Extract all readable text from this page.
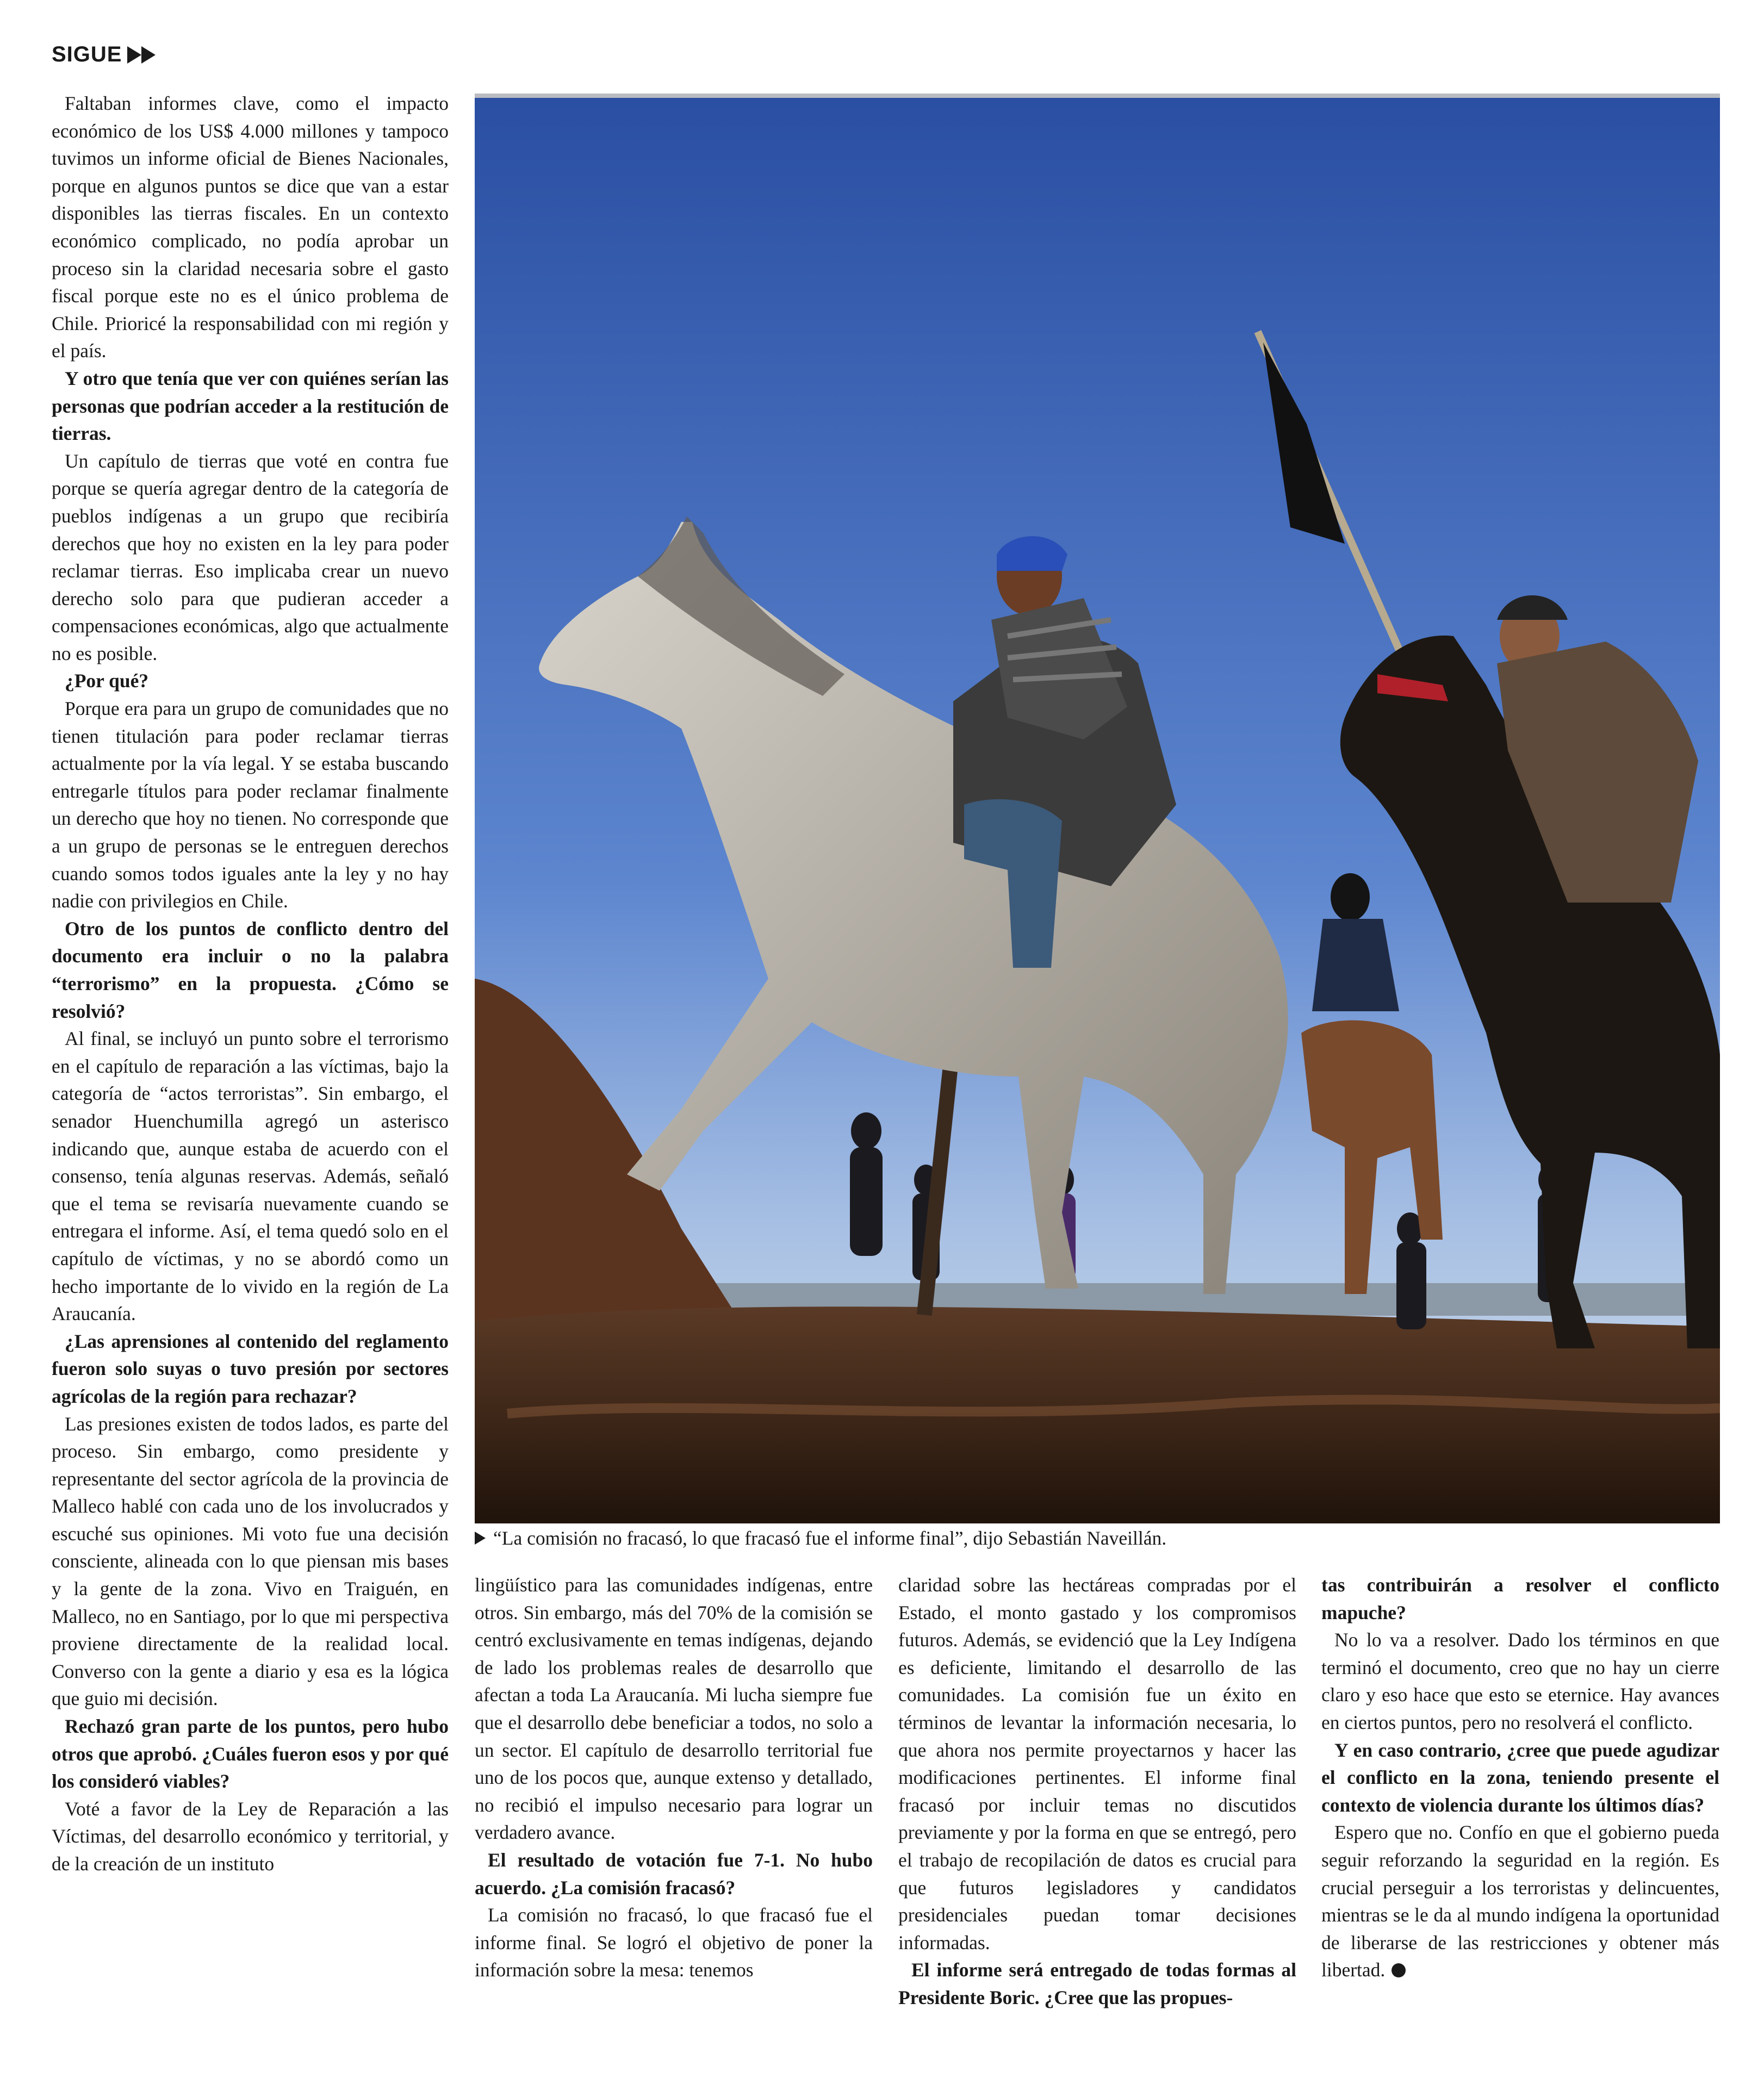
SIGUE

Faltaban informes clave, como el impacto económico de los US$ 4.000 millones y tampoco tuvimos un informe oficial de Bienes Nacionales, porque en algunos puntos se dice que van a estar disponibles las tierras fiscales. En un contexto económico complicado, no podía aprobar un proceso sin la claridad necesaria sobre el gasto fiscal porque este no es el único problema de Chile. Prioricé la responsabilidad con mi región y el país.

Y otro que tenía que ver con quiénes serían las personas que podrían acceder a la restitución de tierras.

Un capítulo de tierras que voté en contra fue porque se quería agregar dentro de la categoría de pueblos indígenas a un grupo que recibiría derechos que hoy no existen en la ley para poder reclamar tierras. Eso implicaba crear un nuevo derecho solo para que pudieran acceder a compensaciones económicas, algo que actualmente no es posible.

¿Por qué?

Porque era para un grupo de comunidades que no tienen titulación para poder reclamar tierras actualmente por la vía legal. Y se estaba buscando entregarle títulos para poder reclamar finalmente un derecho que hoy no tienen. No corresponde que a un grupo de personas se le entreguen derechos cuando somos todos iguales ante la ley y no hay nadie con privilegios en Chile.

Otro de los puntos de conflicto dentro del documento era incluir o no la palabra “terrorismo” en la propuesta. ¿Cómo se resolvió?

Al final, se incluyó un punto sobre el terrorismo en el capítulo de reparación a las víctimas, bajo la categoría de “actos terroristas”. Sin embargo, el senador Huenchumilla agregó un asterisco indicando que, aunque estaba de acuerdo con el consenso, tenía algunas reservas. Además, señaló que el tema se revisaría nuevamente cuando se entregara el informe. Así, el tema quedó solo en el capítulo de víctimas, y no se abordó como un hecho importante de lo vivido en la región de La Araucanía.

¿Las aprensiones al contenido del reglamento fueron solo suyas o tuvo presión por sectores agrícolas de la región para rechazar?

Las presiones existen de todos lados, es parte del proceso. Sin embargo, como presidente y representante del sector agrícola de la provincia de Malleco hablé con cada uno de los involucrados y escuché sus opiniones. Mi voto fue una decisión consciente, alineada con lo que piensan mis bases y la gente de la zona. Vivo en Traiguén, en Malleco, no en Santiago, por lo que mi perspectiva proviene directamente de la realidad local. Converso con la gente a diario y esa es la lógica que guio mi decisión.

Rechazó gran parte de los puntos, pero hubo otros que aprobó. ¿Cuáles fueron esos y por qué los consideró viables?

Voté a favor de la Ley de Reparación a las Víctimas, del desarrollo económico y territorial, y de la creación de un instituto

“La comisión no fracasó, lo que fracasó fue el informe final”, dijo Sebastián Naveillán.

lingüístico para las comunidades indígenas, entre otros. Sin embargo, más del 70% de la comisión se centró exclusivamente en temas indígenas, dejando de lado los problemas reales de desarrollo que afectan a toda La Araucanía. Mi lucha siempre fue que el desarrollo debe beneficiar a todos, no solo a un sector. El capítulo de desarrollo territorial fue uno de los pocos que, aunque extenso y detallado, no recibió el impulso necesario para lograr un verdadero avance.

El resultado de votación fue 7-1. No hubo acuerdo. ¿La comisión fracasó?

La comisión no fracasó, lo que fracasó fue el informe final. Se logró el objetivo de poner la información sobre la mesa: tenemos

claridad sobre las hectáreas compradas por el Estado, el monto gastado y los compromisos futuros. Además, se evidenció que la Ley Indígena es deficiente, limitando el desarrollo de las comunidades. La comisión fue un éxito en términos de levantar la información necesaria, lo que ahora nos permite proyectarnos y hacer las modificaciones pertinentes. El informe final fracasó por incluir temas no discutidos previamente y por la forma en que se entregó, pero el trabajo de recopilación de datos es crucial para que futuros legisladores y candidatos presidenciales puedan tomar decisiones informadas.

El informe será entregado de todas formas al Presidente Boric. ¿Cree que las propues-

tas contribuirán a resolver el conflicto mapuche?

No lo va a resolver. Dado los términos en que terminó el documento, creo que no hay un cierre claro y eso hace que esto se eternice. Hay avances en ciertos puntos, pero no resolverá el conflicto.

Y en caso contrario, ¿cree que puede agudizar el conflicto en la zona, teniendo presente el contexto de violencia durante los últimos días?

Espero que no. Confío en que el gobierno pueda seguir reforzando la seguridad en la región. Es crucial perseguir a los terroristas y delincuentes, mientras se le da al mundo indígena la oportunidad de liberarse de las restricciones y obtener más libertad.
